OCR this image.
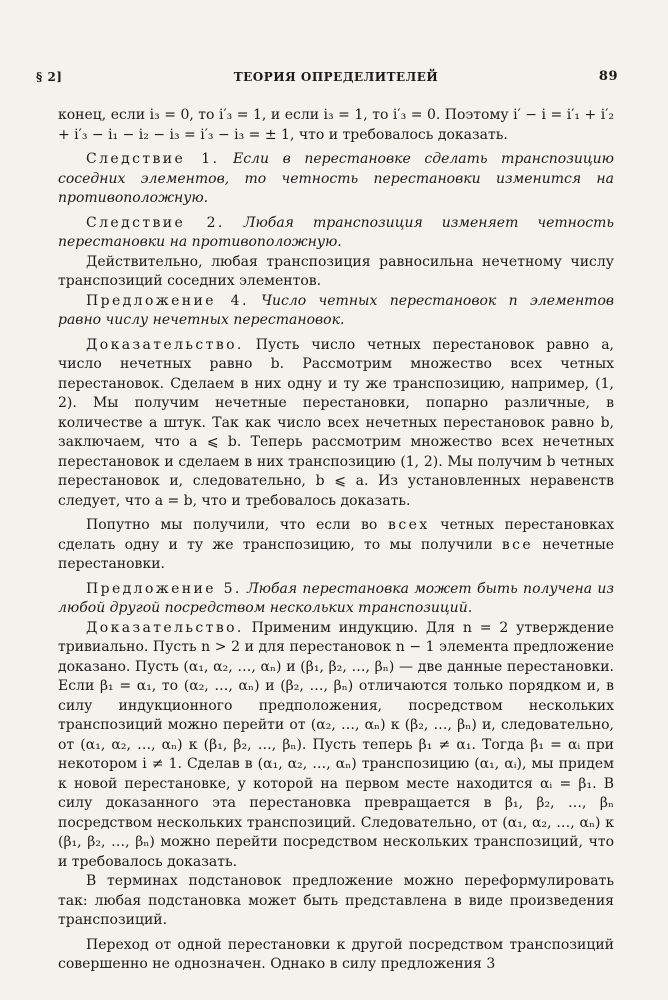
§ 2]	ТЕОРИЯ ОПРЕДЕЛИТЕЛЕЙ	89

конец, если i₃ = 0, то i′₃ = 1, и если i₃ = 1, то i′₃ = 0. Поэтому i′ − i = i′₁ + i′₂ + i′₃ − i₁ − i₂ − i₃ = i′₃ − i₃ = ± 1, что и требовалось доказать.

Следствие 1. Если в перестановке сделать транспозицию соседних элементов, то четность перестановки изменится на противоположную.

Следствие 2. Любая транспозиция изменяет четность перестановки на противоположную.

Действительно, любая транспозиция равносильна нечетному числу транспозиций соседних элементов.

Предложение 4. Число четных перестановок n элементов равно числу нечетных перестановок.

Доказательство. Пусть число четных перестановок равно a, число нечетных равно b. Рассмотрим множество всех четных перестановок. Сделаем в них одну и ту же транспозицию, например, (1, 2). Мы получим нечетные перестановки, попарно различные, в количестве a штук. Так как число всех нечетных перестановок равно b, заключаем, что a ⩽ b. Теперь рассмотрим множество всех нечетных перестановок и сделаем в них транспозицию (1, 2). Мы получим b четных перестановок и, следовательно, b ⩽ a. Из установленных неравенств следует, что a = b, что и требовалось доказать.

Попутно мы получили, что если во всех четных перестановках сделать одну и ту же транспозицию, то мы получили все нечетные перестановки.

Предложение 5. Любая перестановка может быть получена из любой другой посредством нескольких транспозиций.

Доказательство. Применим индукцию. Для n = 2 утверждение тривиально. Пусть n > 2 и для перестановок n − 1 элемента предложение доказано. Пусть (α₁, α₂, …, αₙ) и (β₁, β₂, …, βₙ) — две данные перестановки. Если β₁ = α₁, то (α₂, …, αₙ) и (β₂, …, βₙ) отличаются только порядком и, в силу индукционного предположения, посредством нескольких транспозиций можно перейти от (α₂, …, αₙ) к (β₂, …, βₙ) и, следовательно, от (α₁, α₂, …, αₙ) к (β₁, β₂, …, βₙ). Пусть теперь β₁ ≠ α₁. Тогда β₁ = αᵢ при некотором i ≠ 1. Сделав в (α₁, α₂, …, αₙ) транспозицию (α₁, αᵢ), мы придем к новой перестановке, у которой на первом месте находится αᵢ = β₁. В силу доказанного эта перестановка превращается в β₁, β₂, …, βₙ посредством нескольких транспозиций. Следовательно, от (α₁, α₂, …, αₙ) к (β₁, β₂, …, βₙ) можно перейти посредством нескольких транспозиций, что и требовалось доказать.

В терминах подстановок предложение можно переформулировать так: любая подстановка может быть представлена в виде произведения транспозиций.

Переход от одной перестановки к другой посредством транспозиций совершенно не однозначен. Однако в силу предложения 3
